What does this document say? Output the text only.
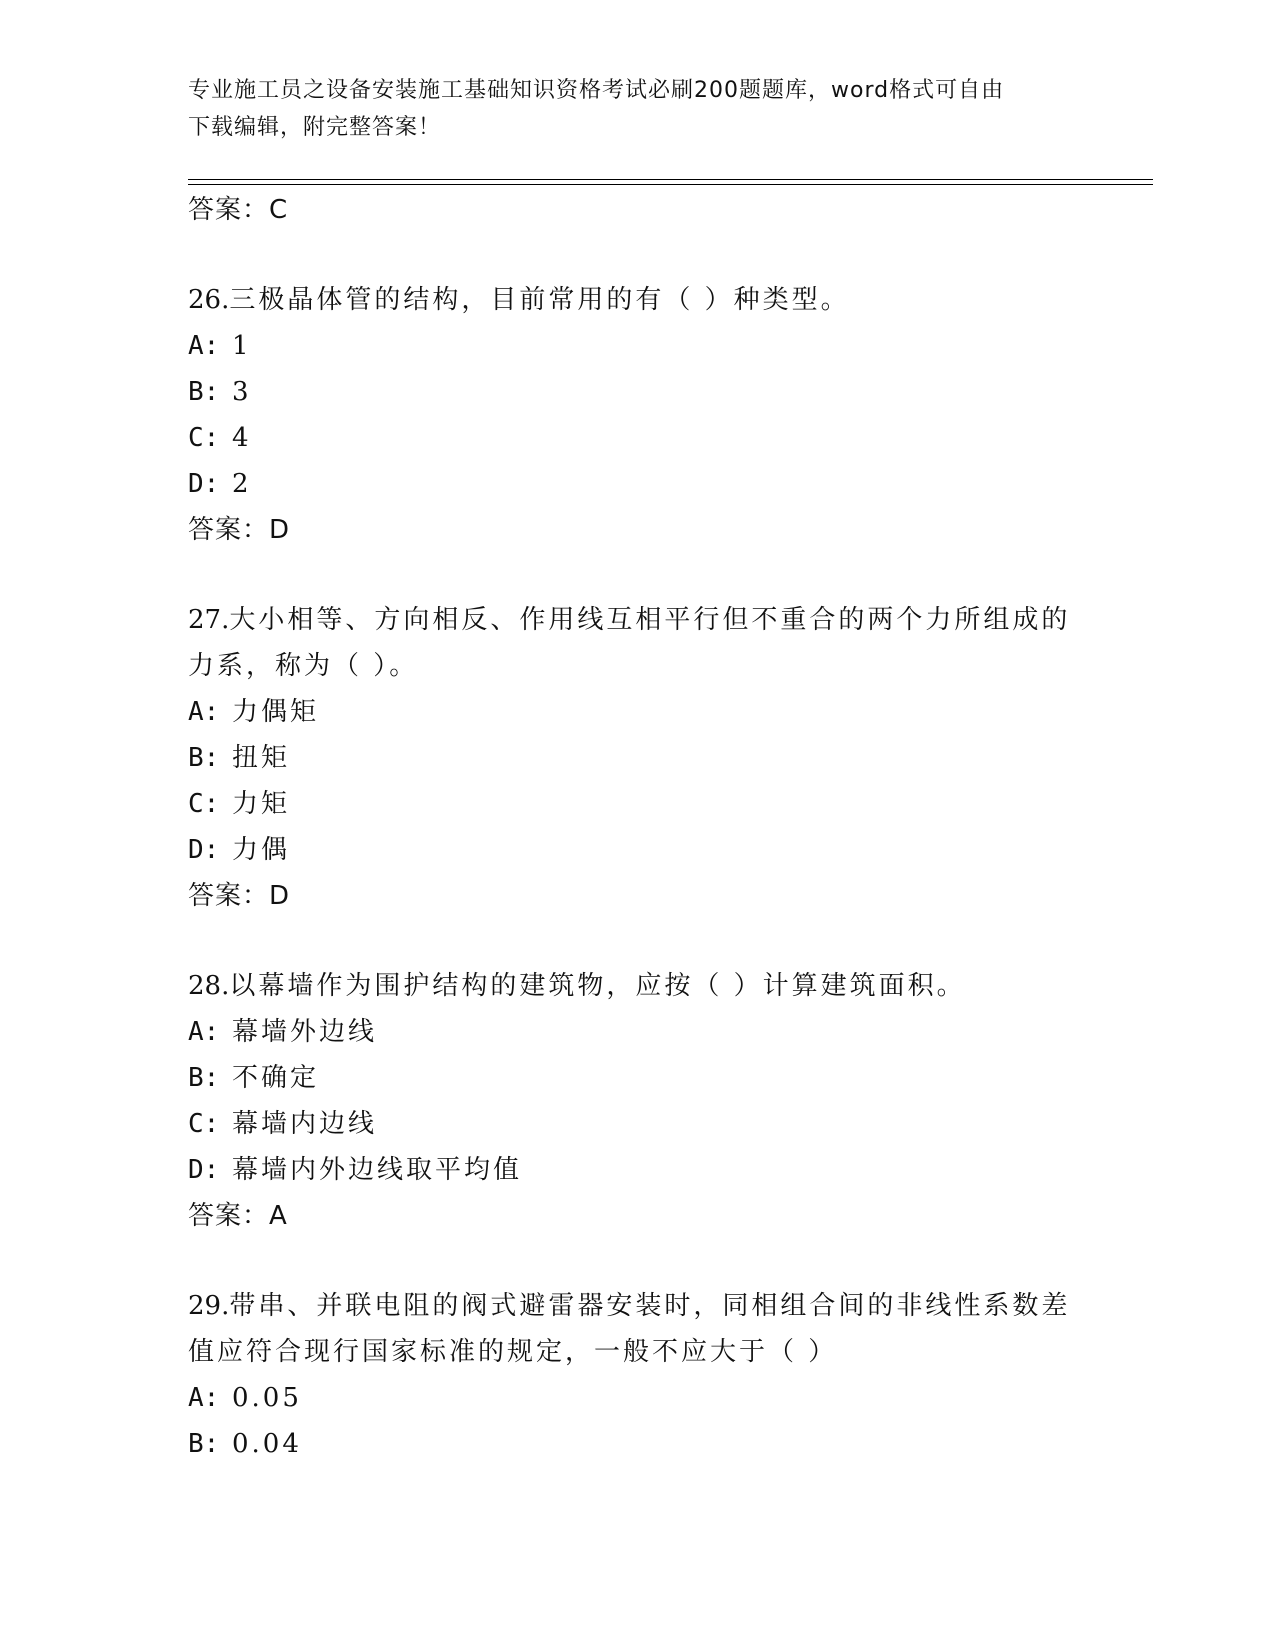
专业施工员之设备安装施工基础知识资格考试必刷200题题库，word格式可自由
下载编辑，附完整答案！
答案：C
26.三极晶体管的结构，目前常用的有（ ）种类型。
A: 1
B: 3
C: 4
D: 2
答案：D
27.大小相等、方向相反、作用线互相平行但不重合的两个力所组成的
力系，称为（ ）。
A: 力偶矩
B: 扭矩
C: 力矩
D: 力偶
答案：D
28.以幕墙作为围护结构的建筑物，应按（ ）计算建筑面积。
A: 幕墙外边线
B: 不确定
C: 幕墙内边线
D: 幕墙内外边线取平均值
答案：A
29.带串、并联电阻的阀式避雷器安装时，同相组合间的非线性系数差
值应符合现行国家标准的规定，一般不应大于（ ）
A: 0.05
B: 0.04
